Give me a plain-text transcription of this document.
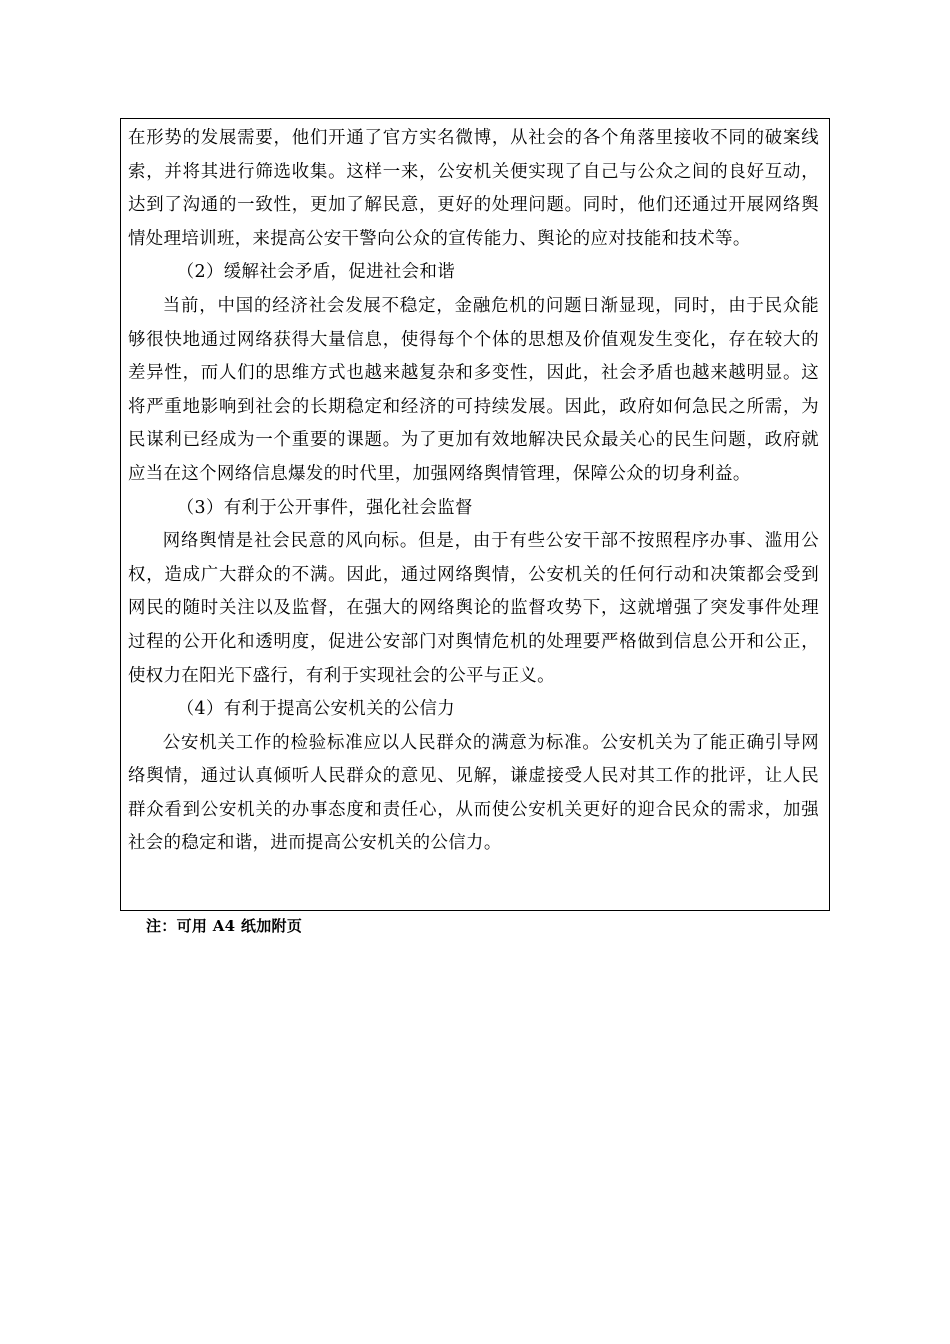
在形势的发展需要，他们开通了官方实名微博，从社会的各个角落里接收不同的破案线索，并将其进行筛选收集。这样一来，公安机关便实现了自己与公众之间的良好互动，达到了沟通的一致性，更加了解民意，更好的处理问题。同时，他们还通过开展网络舆情处理培训班，来提高公安干警向公众的宣传能力、舆论的应对技能和技术等。

（2）缓解社会矛盾，促进社会和谐

当前，中国的经济社会发展不稳定，金融危机的问题日渐显现，同时，由于民众能够很快地通过网络获得大量信息，使得每个个体的思想及价值观发生变化，存在较大的差异性，而人们的思维方式也越来越复杂和多变性，因此，社会矛盾也越来越明显。这将严重地影响到社会的长期稳定和经济的可持续发展。因此，政府如何急民之所需，为民谋利已经成为一个重要的课题。为了更加有效地解决民众最关心的民生问题，政府就应当在这个网络信息爆发的时代里，加强网络舆情管理，保障公众的切身利益。

（3）有利于公开事件，强化社会监督

网络舆情是社会民意的风向标。但是，由于有些公安干部不按照程序办事、滥用公权，造成广大群众的不满。因此，通过网络舆情，公安机关的任何行动和决策都会受到网民的随时关注以及监督，在强大的网络舆论的监督攻势下，这就增强了突发事件处理过程的公开化和透明度，促进公安部门对舆情危机的处理要严格做到信息公开和公正，使权力在阳光下盛行，有利于实现社会的公平与正义。

（4）有利于提高公安机关的公信力

公安机关工作的检验标准应以人民群众的满意为标准。公安机关为了能正确引导网络舆情，通过认真倾听人民群众的意见、见解，谦虚接受人民对其工作的批评，让人民群众看到公安机关的办事态度和责任心，从而使公安机关更好的迎合民众的需求，加强社会的稳定和谐，进而提高公安机关的公信力。

注：可用 A4 纸加附页
